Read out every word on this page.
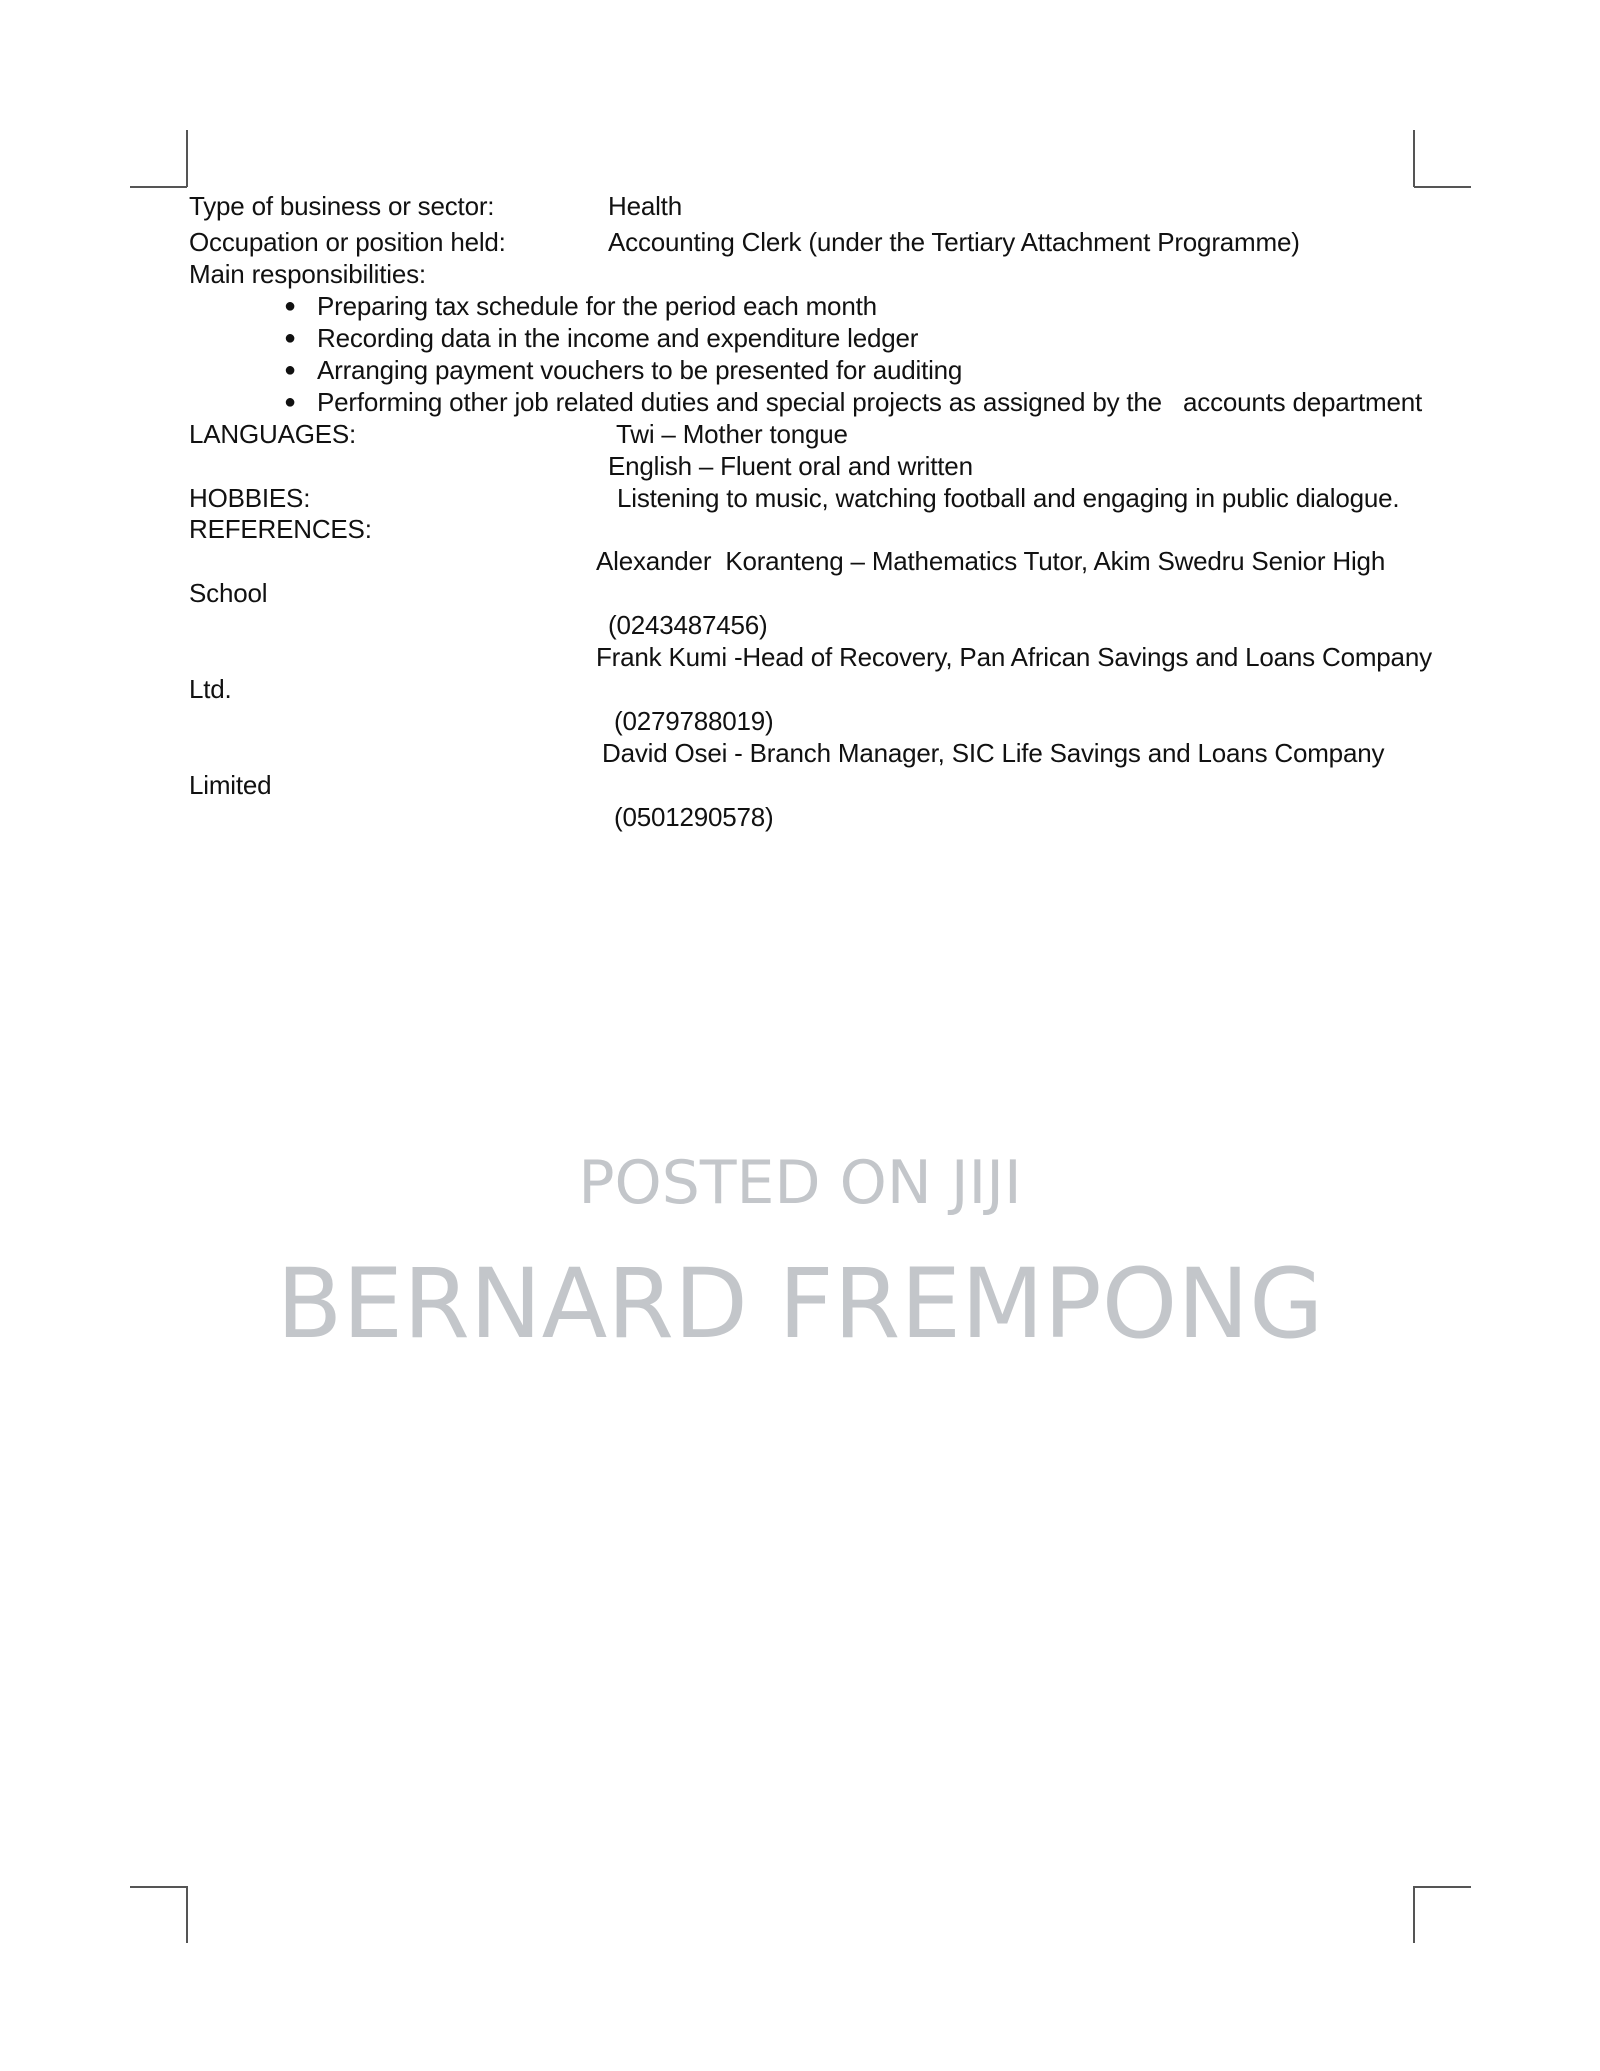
Type of business or sector:	Health
Occupation or position held:	Accounting Clerk (under the Tertiary Attachment Programme)
Main responsibilities:
● Preparing tax schedule for the period each month
● Recording data in the income and expenditure ledger
● Arranging payment vouchers to be presented for auditing
● Performing other job related duties and special projects as assigned by the   accounts department
LANGUAGES:	Twi – Mother tongue
English – Fluent oral and written
HOBBIES:	Listening to music, watching football and engaging in public dialogue.
REFERENCES:
Alexander  Koranteng – Mathematics Tutor, Akim Swedru Senior High
School
(0243487456)
Frank Kumi -Head of Recovery, Pan African Savings and Loans Company
Ltd.
(0279788019)
David Osei - Branch Manager, SIC Life Savings and Loans Company
Limited
(0501290578)
POSTED ON JIJI
BERNARD FREMPONG
